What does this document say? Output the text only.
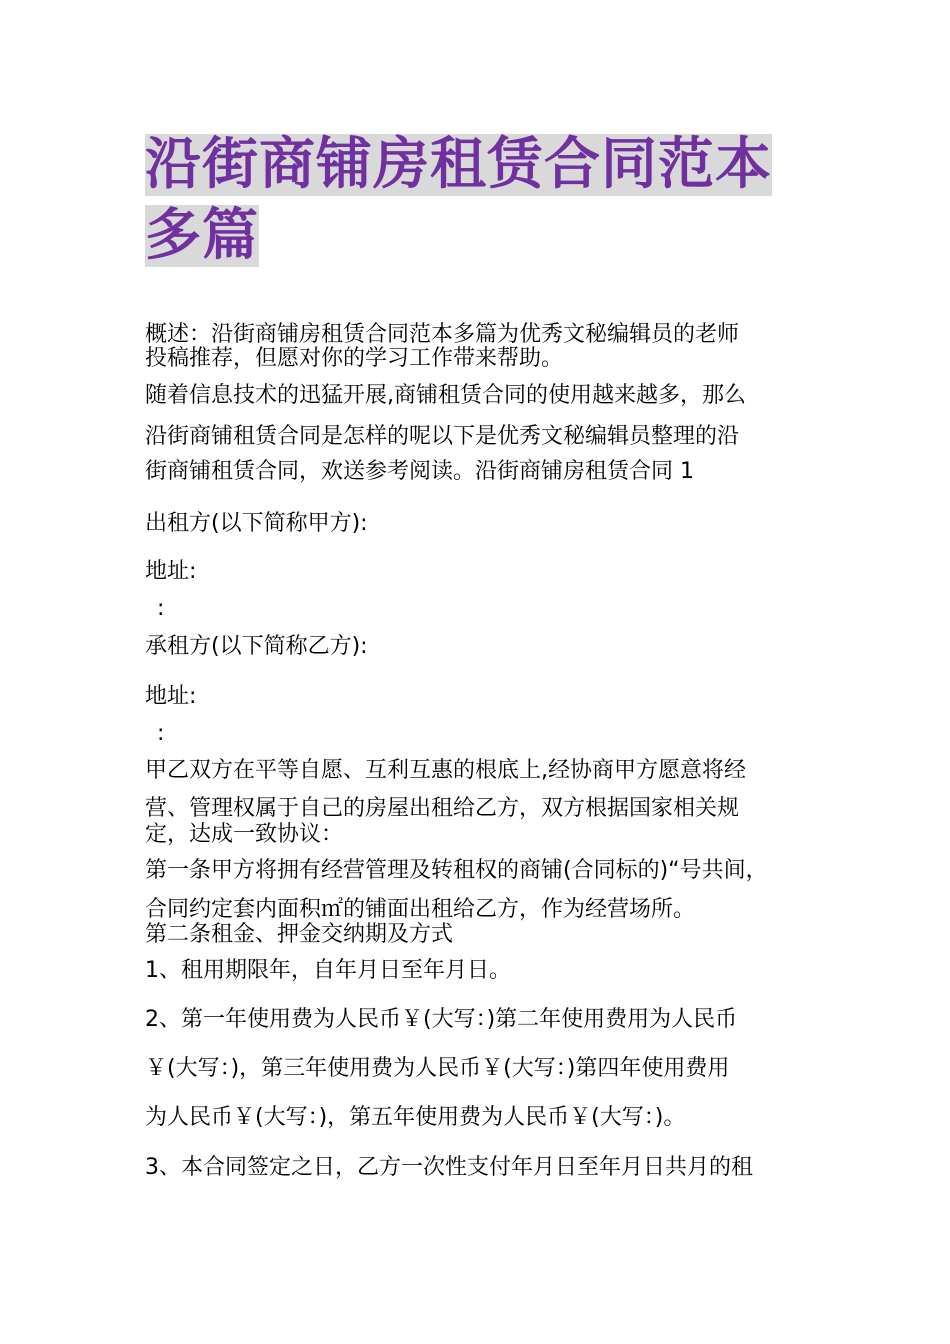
沿街商铺房租赁合同范本
多篇
概述：沿街商铺房租赁合同范本多篇为优秀文秘编辑员的老师
投稿推荐，但愿对你的学习工作带来帮助。
随着信息技术的迅猛开展,商铺租赁合同的使用越来越多，那么
沿街商铺租赁合同是怎样的呢以下是优秀文秘编辑员整理的沿
街商铺租赁合同，欢送参考阅读。沿街商铺房租赁合同 1
出租方(以下简称甲方):
地址:
:
承租方(以下简称乙方):
地址:
:
甲乙双方在平等自愿、互利互惠的根底上,经协商甲方愿意将经
营、管理权属于自己的房屋出租给乙方，双方根据国家相关规
定，达成一致协议：
第一条甲方将拥有经营管理及转租权的商铺(合同标的)“号共间，
合同约定套内面积㎡的铺面出租给乙方，作为经营场所。
第二条租金、押金交纳期及方式
1、租用期限年，自年月日至年月日。
2、第一年使用费为人民币￥(大写：)第二年使用费用为人民币
￥(大写：)，第三年使用费为人民币￥(大写：)第四年使用费用
为人民币￥(大写：)，第五年使用费为人民币￥(大写：)。
3、本合同签定之日，乙方一次性支付年月日至年月日共月的租
